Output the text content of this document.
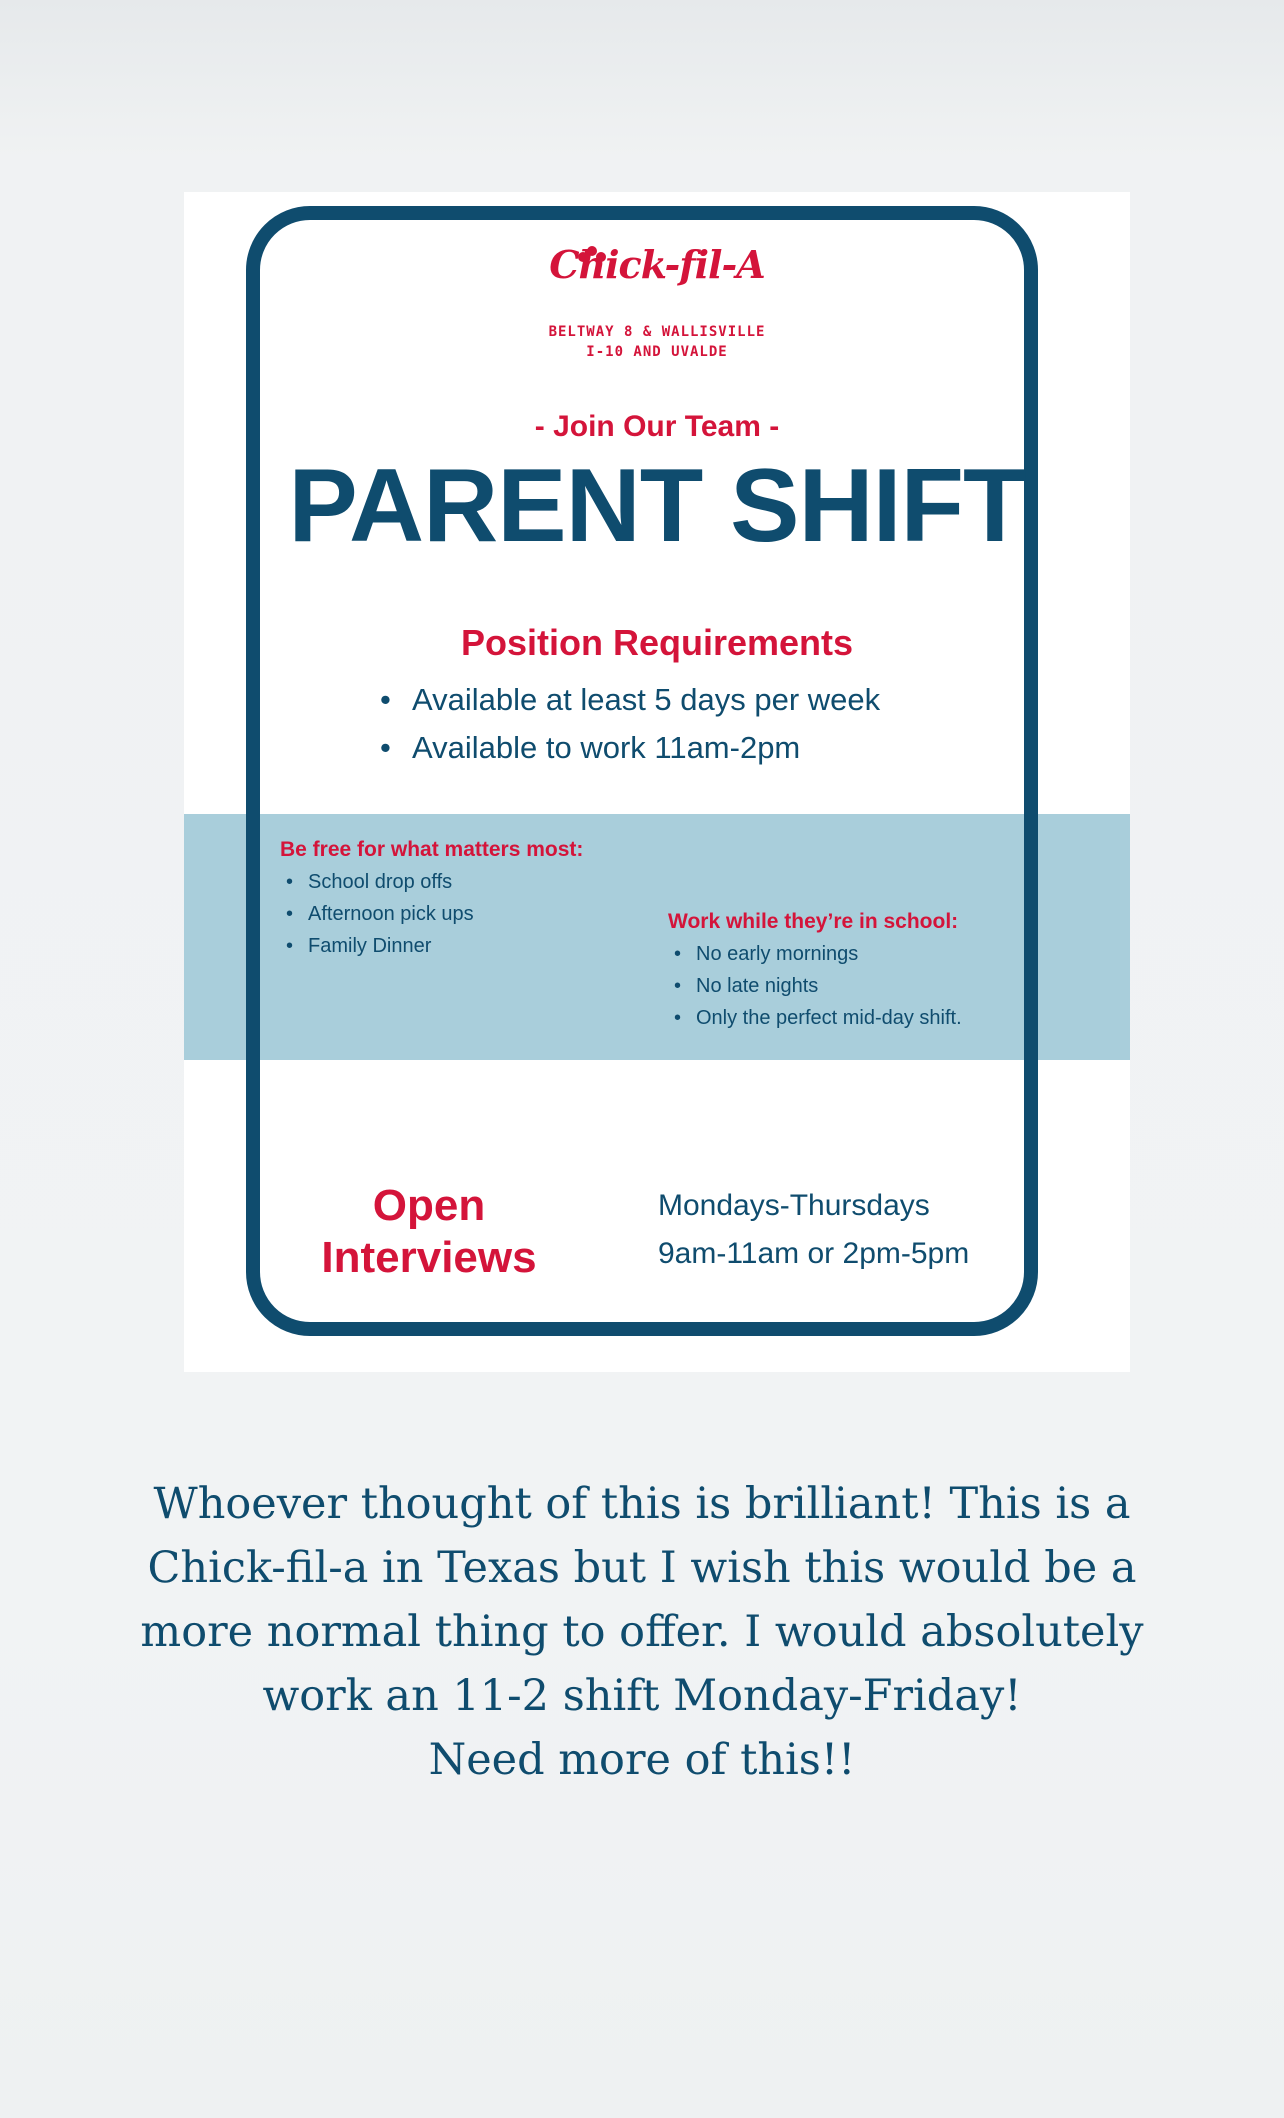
Chick-fil-A
BELTWAY 8 & WALLISVILLE
I-10 AND UVALDE
- Join Our Team -
PARENT SHIFT
Position Requirements
• Available at least 5 days per week
• Available to work 11am-2pm
Be free for what matters most:
• School drop offs
• Afternoon pick ups
• Family Dinner
Work while they’re in school:
• No early mornings
• No late nights
• Only the perfect mid-day shift.
Open
Interviews
Mondays-Thursdays
9am-11am or 2pm-5pm
Whoever thought of this is brilliant! This is a
Chick-fil-a in Texas but I wish this would be a
more normal thing to offer. I would absolutely
work an 11-2 shift Monday-Friday!
Need more of this!!
